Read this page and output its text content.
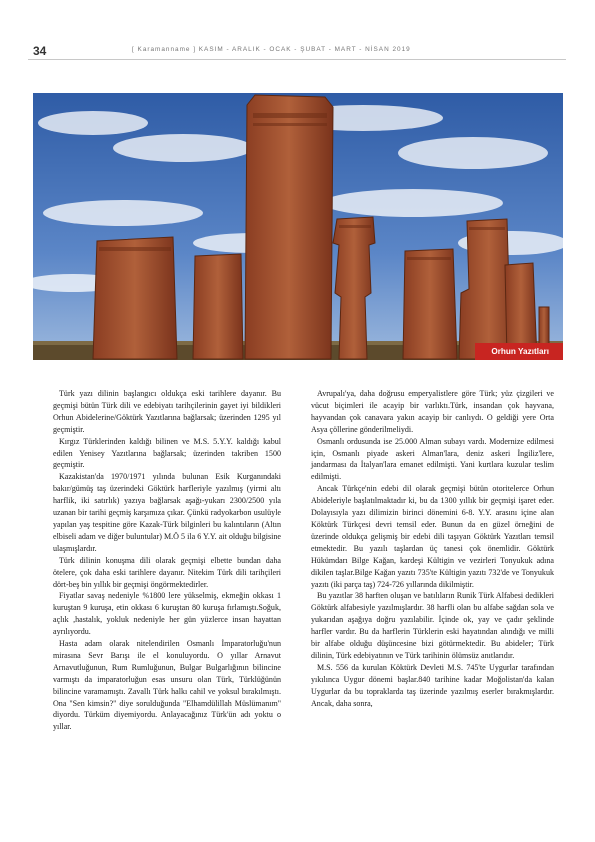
34	[ Karamanname ] KASIM - ARALIK - OCAK - ŞUBAT - MART - NİSAN 2019
Orhun Yazıtları

Türk yazı dilinin başlangıcı oldukça eski tarihlere dayanır. Bu geçmişi bütün Türk dili ve edebiyatı tarihçilerinin gayet iyi bildikleri Orhun Abidelerine/Göktürk Yazıtlarına bağlarsak; üzerinden 1295 yıl geçmiştir.

Kırgız Türklerinden kaldığı bilinen ve M.S. 5.Y.Y. kaldığı kabul edilen Yenisey Yazıtlarına bağlarsak; üzerinden takriben 1500 geçmiştir.

Kazakistan'da 1970/1971 yılında bulunan Esik Kurganındaki bakır/gümüş taş üzerindeki Göktürk harfleriyle yazılmış (yirmi altı harflik, iki satırlık) yazıya bağlarsak aşağı-yukarı 2300/2500 yıla uzanan bir tarihi geçmiş karşımıza çıkar. Çünkü radyokarbon usulüyle yapılan yaş tespitine göre Kazak-Türk bilginleri bu kalıntıların (Altın elbiseli adam ve diğer buluntular) M.Ö 5 ila 6 Y.Y. ait olduğu bilgisine ulaşmışlardır.

Türk dilinin konuşma dili olarak geçmişi elbette bundan daha ötelere, çok daha eski tarihlere dayanır. Nitekim Türk dili tarihçileri dört-beş bin yıllık bir geçmişi öngörmektedirler.

Fiyatlar savaş nedeniyle %1800 lere yükselmiş, ekmeğin okkası 1 kuruştan 9 kuruşa, etin okkası 6 kuruştan 80 kuruşa fırlamıştı.Soğuk, açlık ,hastalık, yokluk nedeniyle her gün yüzlerce insan hayattan ayrılıyordu.

Hasta adam olarak nitelendirilen Osmanlı İmparatorluğu'nun mirasına Sevr Barışı ile el konuluyordu. O yıllar Arnavut Arnavutluğunun, Rum Rumluğunun, Bulgar Bulgarlığının bilincine varmıştı da imparatorluğun esas unsuru olan Türk, Türklüğünün bilincine varamamıştı. Zavallı Türk halkı cahil ve yoksul bırakılmıştı. Ona "Sen kimsin?" diye sorulduğunda "Elhamdülillah Müslümanım" diyordu. Türküm diyemiyordu. Anlayacağınız Türk'ün adı yoktu o yıllar.

Avrupalı'ya, daha doğrusu emperyalistlere göre Türk; yüz çizgileri ve vücut biçimleri ile acayip bir varlıktı.Türk, insandan çok hayvana, hayvandan çok canavara yakın acayip bir canlıydı. O geldiği yere Orta Asya çöllerine gönderilmeliydi.

Osmanlı ordusunda ise 25.000 Alman subayı vardı. Modernize edilmesi için, Osmanlı piyade askeri Alman'lara, deniz askeri İngiliz'lere, jandarması da İtalyan'lara emanet edilmişti. Yani kurtlara kuzular teslim edilmişti.

Ancak Türkçe'nin edebi dil olarak geçmişi bütün otoritelerce Orhun Abideleriyle başlatılmaktadır ki, bu da 1300 yıllık bir geçmişi işaret eder. Dolayısıyla yazı dilimizin birinci dönemini 6-8. Y.Y. arasını içine alan Köktürk Türkçesi devri temsil eder. Bunun da en güzel örneğini de üzerinde oldukça gelişmiş bir edebi dili taşıyan Göktürk Yazıtları temsil etmektedir. Bu yazılı taşlardan üç tanesi çok önemlidir. Göktürk Hükümdarı Bilge Kağan, kardeşi Kültigin ve vezirleri Tonyukuk adına dikilen taşlar.Bilge Kağan yazıtı 735'te Kültigin yazıtı 732'de ve Tonyukuk yazıtı (iki parça taş) 724-726 yıllarında dikilmiştir.

Bu yazıtlar 38 harften oluşan ve batılıların Runik Türk Alfabesi dedikleri Göktürk alfabesiyle yazılmışlardır. 38 harfli olan bu alfabe sağdan sola ve yukarıdan aşağıya doğru yazılabilir. İçinde ok, yay ve çadır şeklinde harfler vardır. Bu da harflerin Türklerin eski hayatından alındığı ve milli bir alfabe olduğu düşüncesine bizi götürmektedir. Bu abideler; Türk dilinin, Türk edebiyatının ve Türk tarihinin ölümsüz anıtlarıdır.

M.S. 556 da kurulan Köktürk Devleti M.S. 745'te Uygurlar tarafından yıkılınca Uygur dönemi başlar.840 tarihine kadar Moğolistan'da kalan Uygurlar da bu topraklarda taş üzerinde yazılmış eserler bırakmışlardır. Ancak, daha sonra,
